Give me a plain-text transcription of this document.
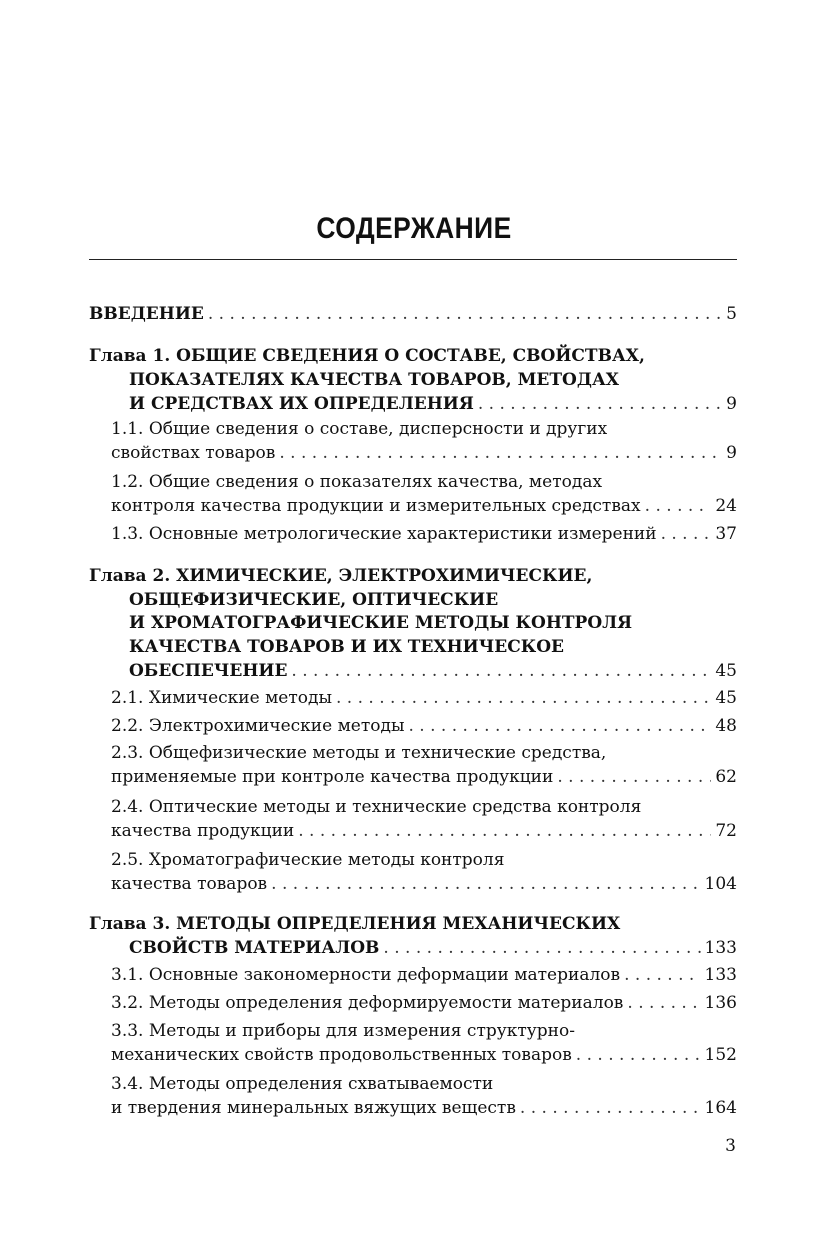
СОДЕРЖАНИЕ
ВВЕДЕНИЕ . . .	5
Глава 1. ОБЩИЕ СВЕДЕНИЯ О СОСТАВЕ, СВОЙСТВАХ,
ПОКАЗАТЕЛЯХ КАЧЕСТВА ТОВАРОВ, МЕТОДАХ
И СРЕДСТВАХ ИХ ОПРЕДЕЛЕНИЯ . . .	9
1.1. Общие сведения о составе, дисперсности и других
свойствах товаров . . .	9
1.2. Общие сведения о показателях качества, методах
контроля качества продукции и измерительных средствах . . .	24
1.3. Основные метрологические характеристики измерений . . .	37
Глава 2. ХИМИЧЕСКИЕ, ЭЛЕКТРОХИМИЧЕСКИЕ,
ОБЩЕФИЗИЧЕСКИЕ, ОПТИЧЕСКИЕ
И ХРОМАТОГРАФИЧЕСКИЕ МЕТОДЫ КОНТРОЛЯ
КАЧЕСТВА ТОВАРОВ И ИХ ТЕХНИЧЕСКОЕ
ОБЕСПЕЧЕНИЕ . . .	45
2.1. Химические методы . . .	45
2.2. Электрохимические методы . . .	48
2.3. Общефизические методы и технические средства,
применяемые при контроле качества продукции . . .	62
2.4. Оптические методы и технические средства контроля
качества продукции . . .	72
2.5. Хроматографические методы контроля
качества товаров . . .	104
Глава 3. МЕТОДЫ ОПРЕДЕЛЕНИЯ МЕХАНИЧЕСКИХ
СВОЙСТВ МАТЕРИАЛОВ . . .	133
3.1. Основные закономерности деформации материалов . . .	133
3.2. Методы определения деформируемости материалов . . .	136
3.3. Методы и приборы для измерения структурно-
механических свойств продовольственных товаров . . .	152
3.4. Методы определения схватываемости
и твердения минеральных вяжущих веществ . . .	164
3
